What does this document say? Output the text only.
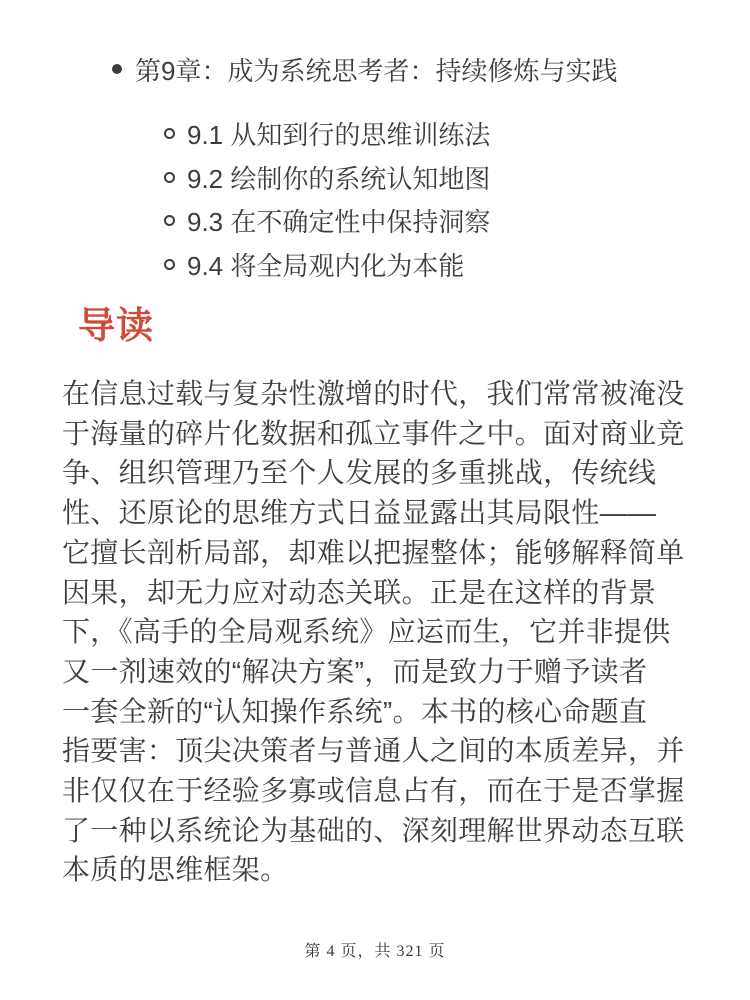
第9章：成为系统思考者：持续修炼与实践
9.1 从知到行的思维训练法
9.2 绘制你的系统认知地图
9.3 在不确定性中保持洞察
9.4 将全局观内化为本能
导读
在信息过载与复杂性激增的时代，我们常常被淹没
于海量的碎片化数据和孤立事件之中。面对商业竞
争、组织管理乃至个人发展的多重挑战，传统线
性、还原论的思维方式日益显露出其局限性——
它擅长剖析局部，却难以把握整体；能够解释简单
因果，却无力应对动态关联。正是在这样的背景
下，《高手的全局观系统》应运而生，它并非提供
又一剂速效的“解决方案”，而是致力于赠予读者
一套全新的“认知操作系统”。本书的核心命题直
指要害：顶尖决策者与普通人之间的本质差异，并
非仅仅在于经验多寡或信息占有，而在于是否掌握
了一种以系统论为基础的、深刻理解世界动态互联
本质的思维框架。
第 4 页，共 321 页
